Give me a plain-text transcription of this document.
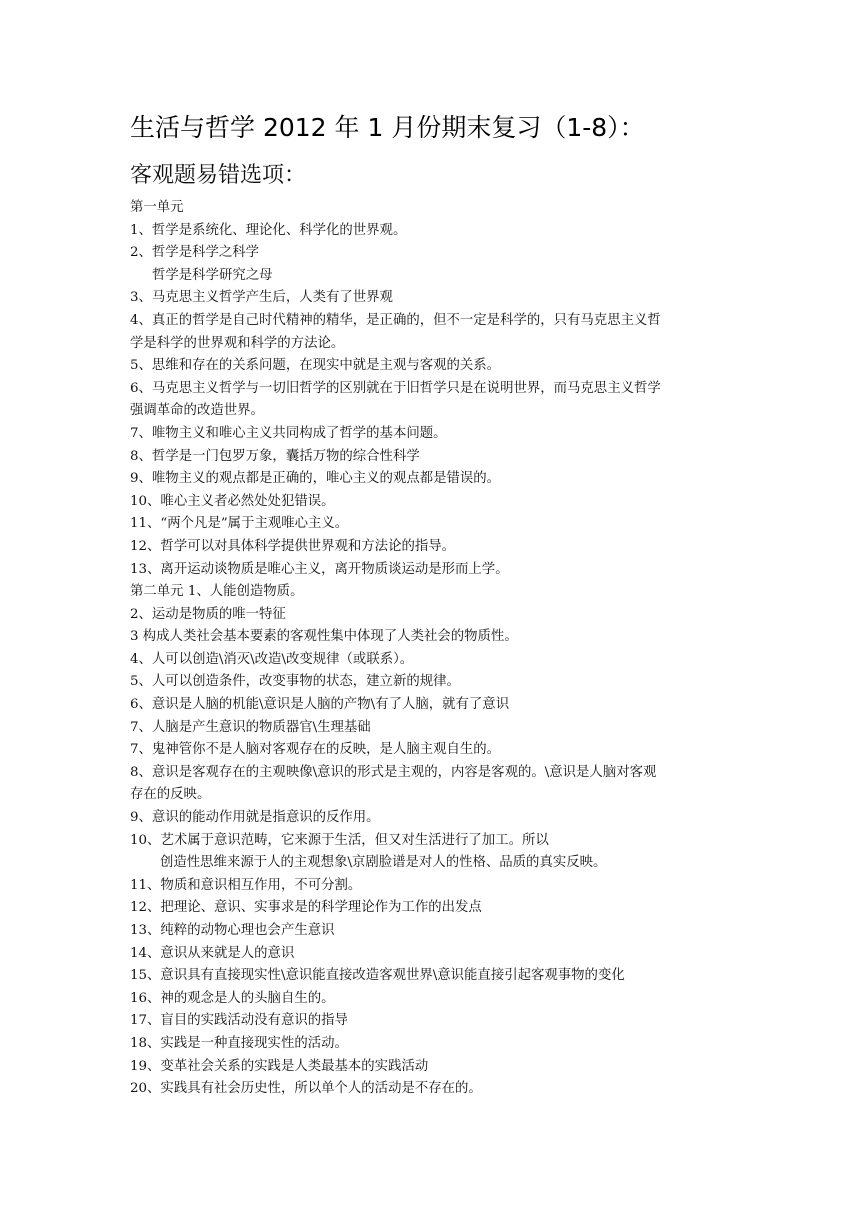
生活与哲学 2012 年 1 月份期末复习（1-8）：
客观题易错选项：
第一单元
1、哲学是系统化、理论化、科学化的世界观。
2、哲学是科学之科学
哲学是科学研究之母
3、马克思主义哲学产生后，人类有了世界观
4、真正的哲学是自己时代精神的精华，是正确的，但不一定是科学的，只有马克思主义哲
学是科学的世界观和科学的方法论。
5、思维和存在的关系问题，在现实中就是主观与客观的关系。
6、马克思主义哲学与一切旧哲学的区别就在于旧哲学只是在说明世界，而马克思主义哲学
强调革命的改造世界。
7、唯物主义和唯心主义共同构成了哲学的基本问题。
8、哲学是一门包罗万象，囊括万物的综合性科学
9、唯物主义的观点都是正确的，唯心主义的观点都是错误的。
10、唯心主义者必然处处犯错误。
11、“两个凡是”属于主观唯心主义。
12、哲学可以对具体科学提供世界观和方法论的指导。
13、离开运动谈物质是唯心主义，离开物质谈运动是形而上学。
第二单元 1、人能创造物质。
2、运动是物质的唯一特征
3 构成人类社会基本要素的客观性集中体现了人类社会的物质性。
4、人可以创造\消灭\改造\改变规律（或联系）。
5、人可以创造条件，改变事物的状态，建立新的规律。
6、意识是人脑的机能\意识是人脑的产物\有了人脑，就有了意识
7、人脑是产生意识的物质器官\生理基础
7、鬼神管你不是人脑对客观存在的反映，是人脑主观自生的。
8、意识是客观存在的主观映像\意识的形式是主观的，内容是客观的。\意识是人脑对客观
存在的反映。
9、意识的能动作用就是指意识的反作用。
10、艺术属于意识范畴，它来源于生活，但又对生活进行了加工。所以
创造性思维来源于人的主观想象\京剧脸谱是对人的性格、品质的真实反映。
11、物质和意识相互作用，不可分割。
12、把理论、意识、实事求是的科学理论作为工作的出发点
13、纯粹的动物心理也会产生意识
14、意识从来就是人的意识
15、意识具有直接现实性\意识能直接改造客观世界\意识能直接引起客观事物的变化
16、神的观念是人的头脑自生的。
17、盲目的实践活动没有意识的指导
18、实践是一种直接现实性的活动。
19、变革社会关系的实践是人类最基本的实践活动
20、实践具有社会历史性，所以单个人的活动是不存在的。
